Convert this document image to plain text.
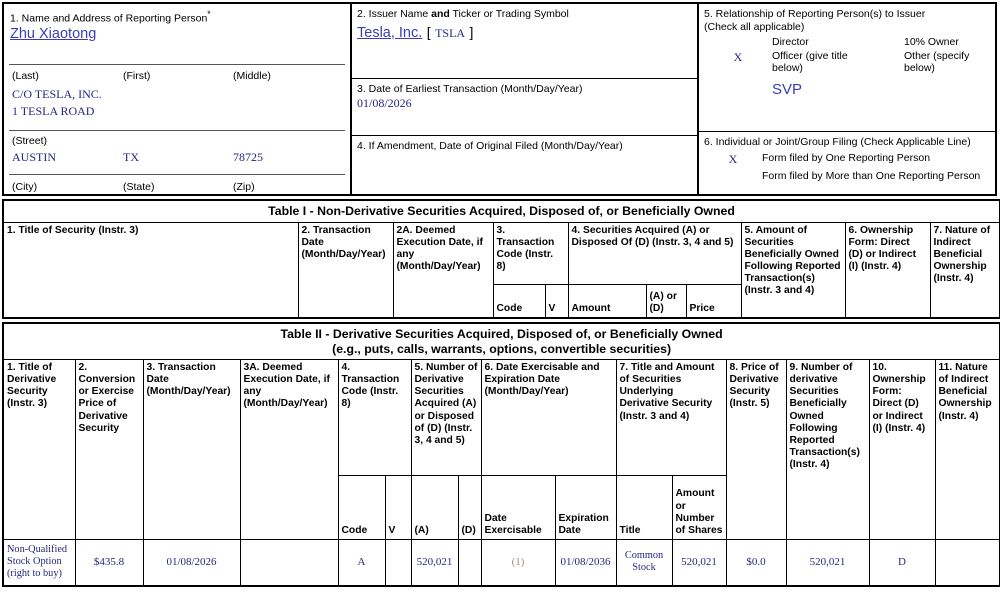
1. Name and Address of Reporting Person*
Zhu Xiaotong
(Last)	(First)	(Middle)
C/O TESLA, INC.
1 TESLA ROAD
(Street)
AUSTIN	TX	78725
(City)	(State)	(Zip)
2. Issuer Name and Ticker or Trading Symbol
Tesla, Inc. [ TSLA ]
3. Date of Earliest Transaction (Month/Day/Year)
01/08/2026
4. If Amendment, Date of Original Filed (Month/Day/Year)
5. Relationship of Reporting Person(s) to Issuer
(Check all applicable)
Director	10% Owner
X	Officer (give title below)
Other (specify below)
SVP
6. Individual or Joint/Group Filing (Check Applicable Line)
X	Form filed by One Reporting Person
Form filed by More than One Reporting Person
Table I - Non-Derivative Securities Acquired, Disposed of, or Beneficially Owned										
1. Title of Security (Instr. 3)	2. Transaction Date (Month/Day/Year)	2A. Deemed Execution Date, if any (Month/Day/Year)	3. Transaction Code (Instr. 8)		4. Securities Acquired (A) or Disposed Of (D) (Instr. 3, 4 and 5)			5. Amount of Securities Beneficially Owned Following Reported Transaction(s) (Instr. 3 and 4)	6. Ownership Form: Direct (D) or Indirect (I) (Instr. 4)	7. Nature of Indirect Beneficial Ownership (Instr. 4)
			Code	V	Amount	(A) or (D)	Price			
Table II - Derivative Securities Acquired, Disposed of, or Beneficially Owned
(e.g., puts, calls, warrants, options, convertible securities)															

1. Title of Derivative Security (Instr. 3)	2. Conversion or Exercise Price of Derivative Security	3. Transaction Date (Month/Day/Year)	3A. Deemed Execution Date, if any (Month/Day/Year)	4. Transaction Code (Instr. 8)		5. Number of Derivative Securities Acquired (A) or Disposed of (D) (Instr. 3, 4 and 5)		6. Date Exercisable and Expiration Date (Month/Day/Year)		7. Title and Amount of Securities Underlying Derivative Security (Instr. 3 and 4)		8. Price of Derivative Security (Instr. 5)	9. Number of derivative Securities Beneficially Owned Following Reported Transaction(s) (Instr. 4)	10. Ownership Form: Direct (D) or Indirect (I) (Instr. 4)	11. Nature of Indirect Beneficial Ownership (Instr. 4)
				Code	V	(A)	(D)	Date Exercisable	Expiration Date	Title	Amount or Number of Shares				
Non-Qualified Stock Option (right to buy)	$435.8	01/08/2026		A		520,021		(1)	01/08/2036	Common Stock	520,021	$0.0	520,021	D	
